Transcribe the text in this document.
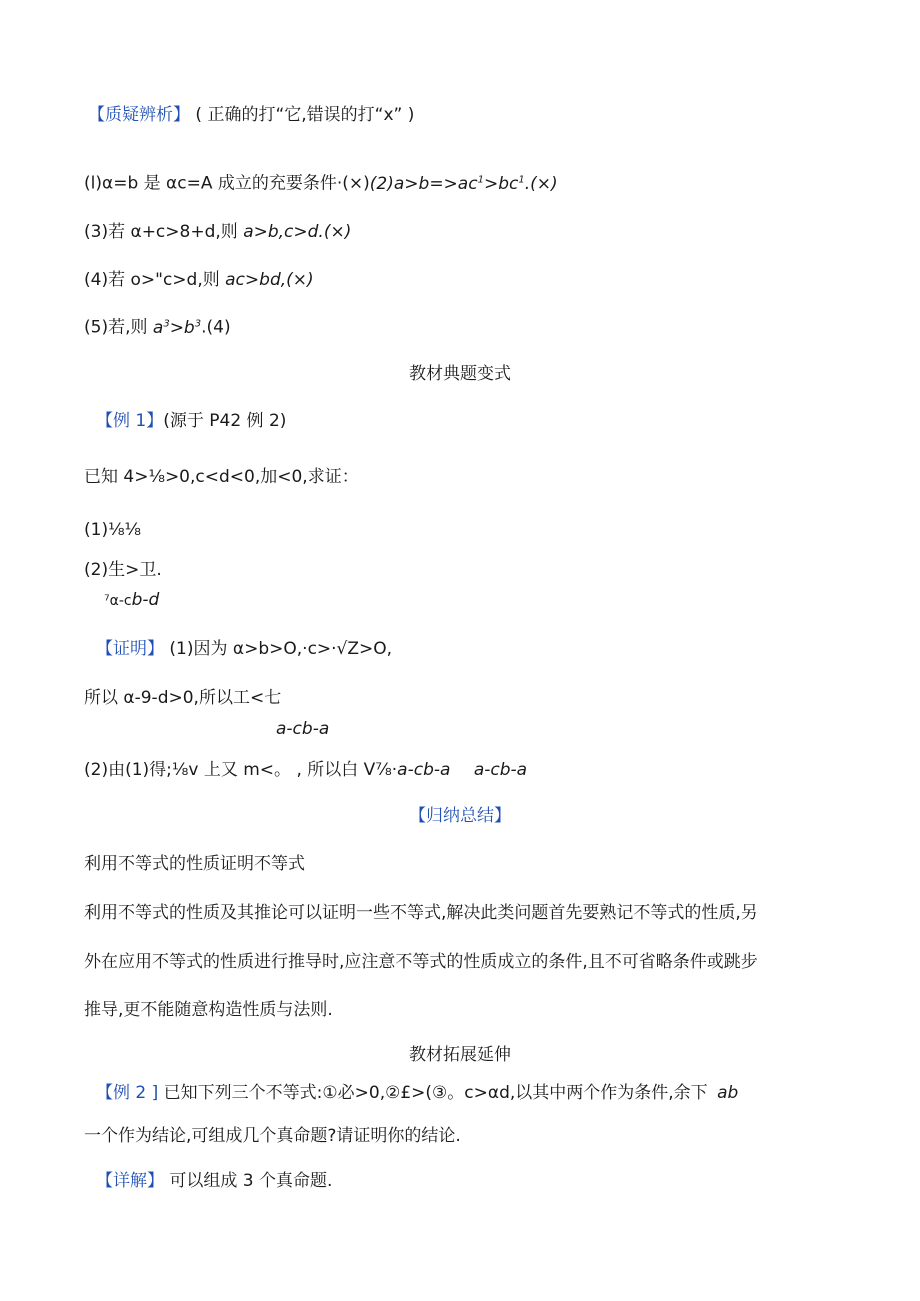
【质疑辨析】 ( 正确的打“它,错误的打“x” )
(l)α=b 是 αc=A 成立的充要条件$\cdot(\times)(2)a>b=>ac^1>bc^1.(\times)$
(3)若 α+c>8+d,则 a>b,c>d.(×)
(4)若 o>"c>d,则 ac>bd,(×)
(5)若,则 $a^3>b^3.(4)$
教材典题变式
【例 1】(源于 P42 例 2)
已知 4>⅛>0,c<d<0,加<0,求证：
(1)⅛⅛
(2)生>卫.
⁷α-cb-d
【证明】 (1)因为 α>b>O,·c>·√Z>O,
所以 α-9-d>0,所以工<七
a-cb-a
(2)由(1)得;⅛v 上又 m<。 , 所以白 V⅞·a-cb-a a-cb-a
【归纳总结】
利用不等式的性质证明不等式
利用不等式的性质及其推论可以证明一些不等式,解决此类问题首先要熟记不等式的性质,另
外在应用不等式的性质进行推导时,应注意不等式的性质成立的条件,且不可省略条件或跳步
推导,更不能随意构造性质与法则.
教材拓展延伸
【例 2 ] 已知下列三个不等式:①必>0,②£>(③。c>αd,以其中两个作为条件,余下 ab
一个作为结论,可组成几个真命题?请证明你的结论.
【详解】 可以组成 3 个真命题.
